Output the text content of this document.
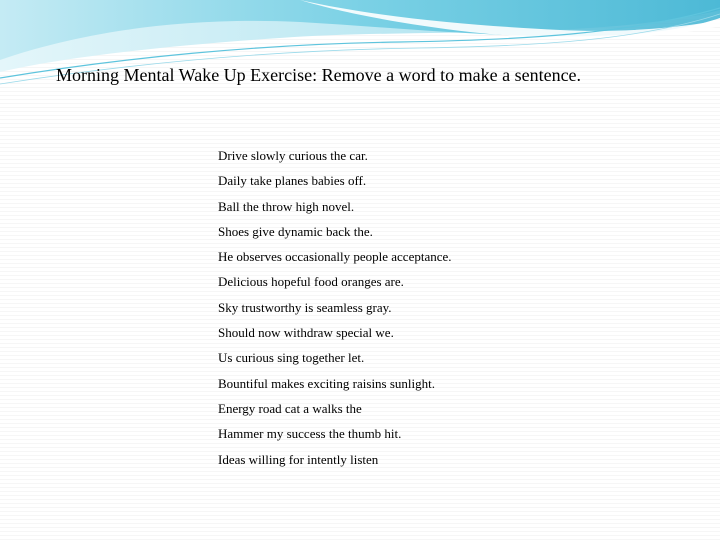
Morning Mental Wake Up Exercise: Remove a word to make a sentence.
Drive slowly curious the car.
Daily take planes babies off.
Ball the throw high novel.
Shoes give dynamic back the.
He observes occasionally people acceptance.
Delicious hopeful food oranges are.
Sky trustworthy is seamless gray.
Should now withdraw special we.
Us curious sing together let.
Bountiful makes exciting raisins sunlight.
Energy road cat a walks the
Hammer my success the thumb hit.
Ideas willing for intently listen
